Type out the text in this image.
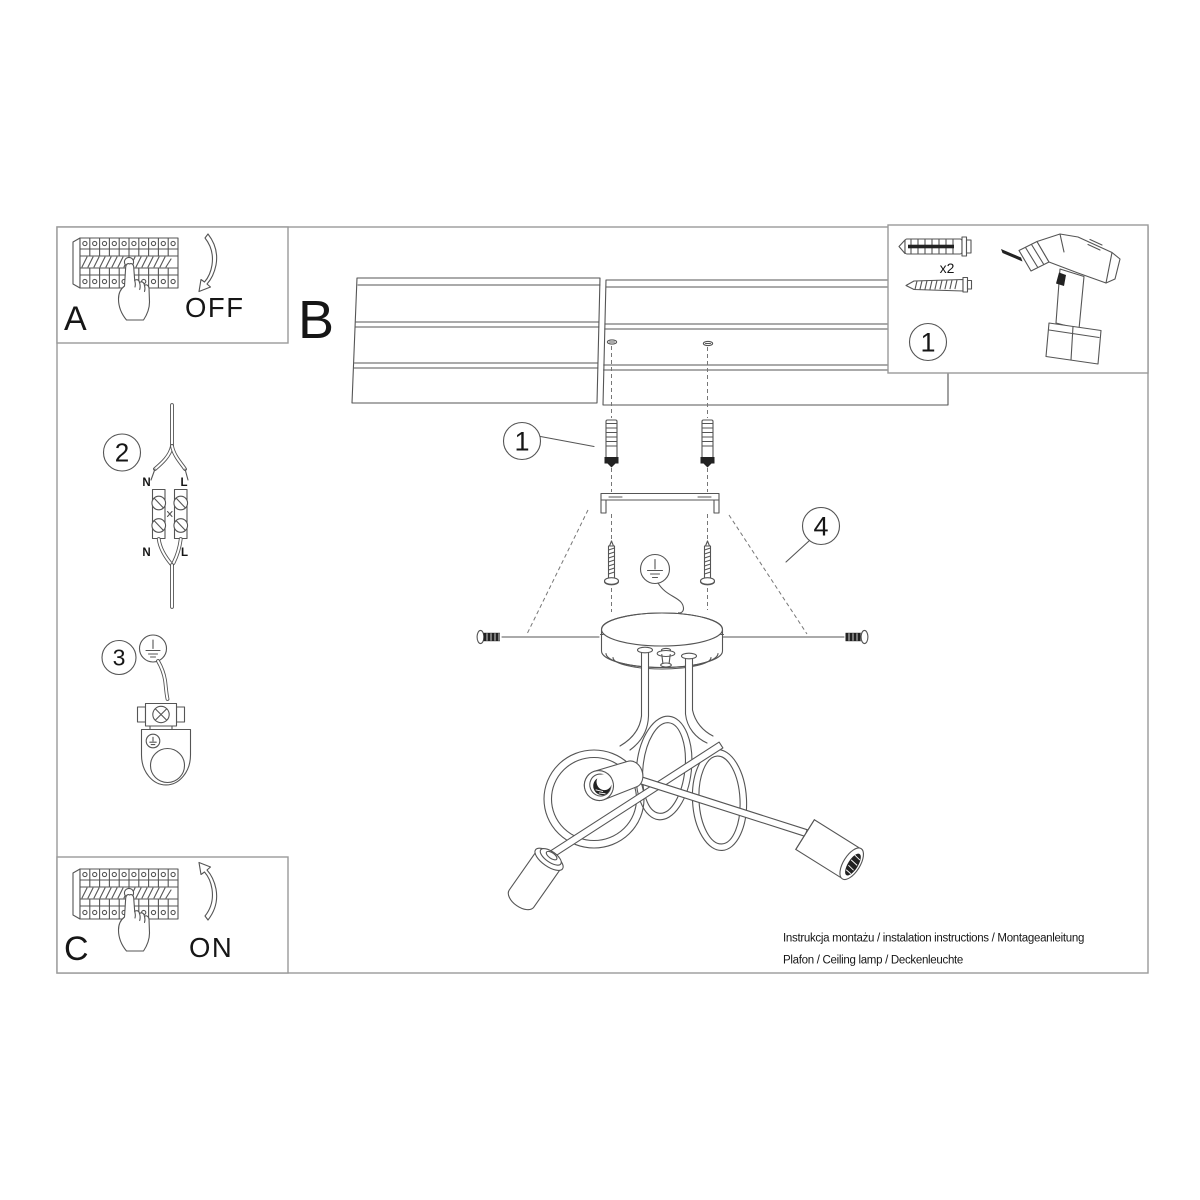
x2
1
B
1
4
2
N	L
N	L
3
A	OFF
C	ON	Instrukcja montażu / instalation instructions / Montageanleitung
Plafon / Ceiling lamp / Deckenleuchte
